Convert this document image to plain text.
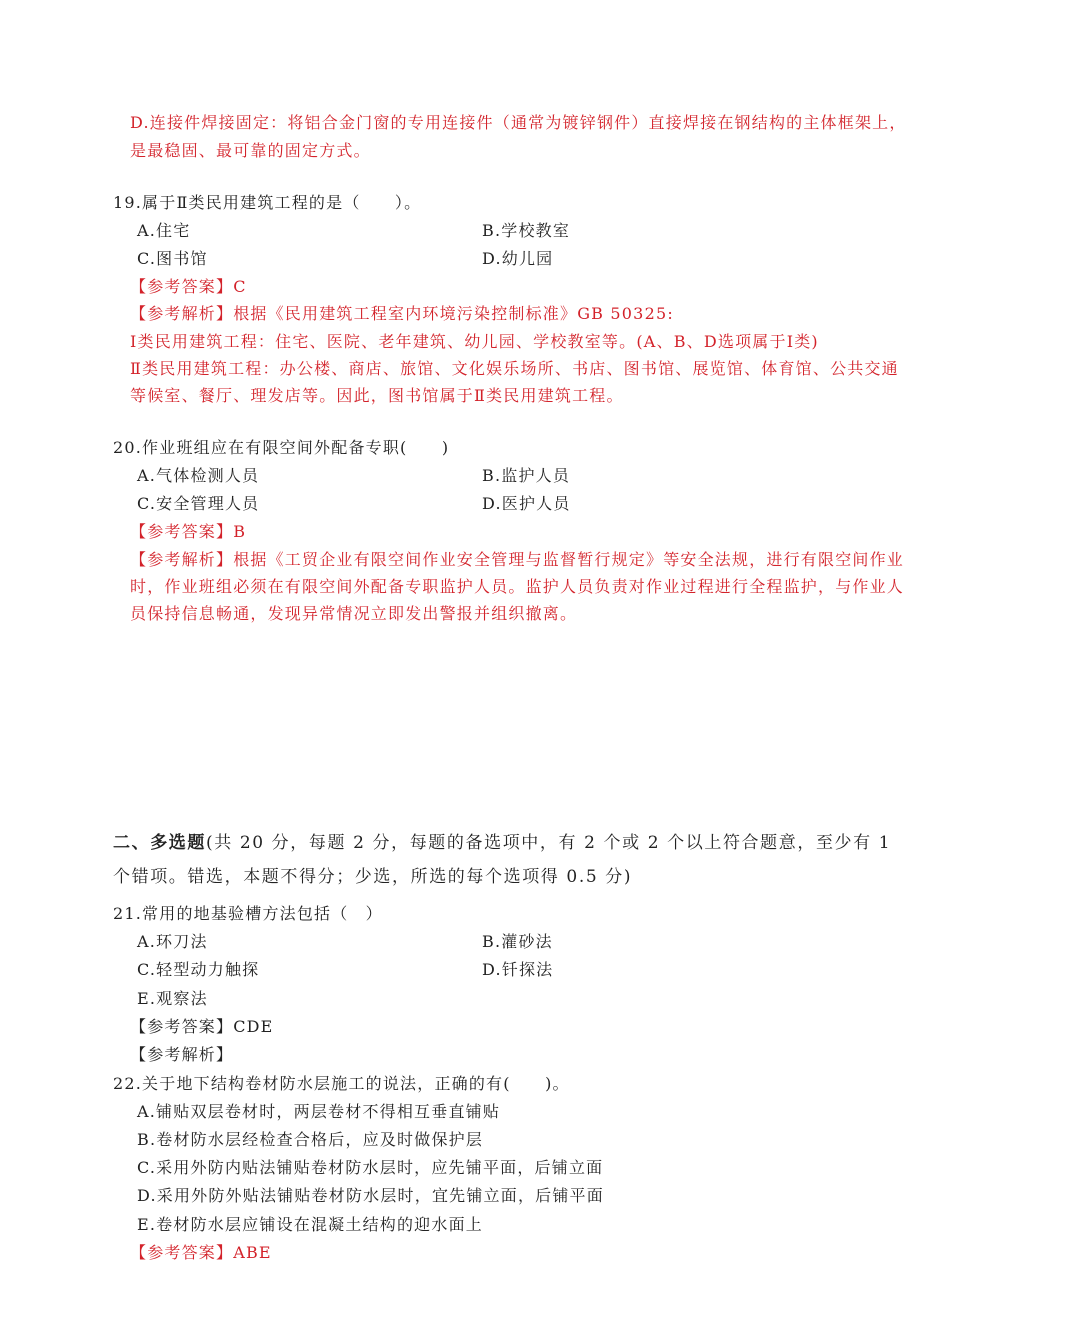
D.连接件焊接固定：将铝合金门窗的专用连接件（通常为镀锌钢件）直接焊接在钢结构的主体框架上，
是最稳固、最可靠的固定方式。
19.属于Ⅱ类民用建筑工程的是（　　）。
A.住宅	B.学校教室
C.图书馆	D.幼儿园
【参考答案】C
【参考解析】根据《民用建筑工程室内环境污染控制标准》GB 50325:
Ⅰ类民用建筑工程：住宅、医院、老年建筑、幼儿园、学校教室等。(A、B、D选项属于Ⅰ类)
Ⅱ类民用建筑工程：办公楼、商店、旅馆、文化娱乐场所、书店、图书馆、展览馆、体育馆、公共交通
等候室、餐厅、理发店等。因此，图书馆属于Ⅱ类民用建筑工程。
20.作业班组应在有限空间外配备专职(　　)
A.气体检测人员	B.监护人员
C.安全管理人员	D.医护人员
【参考答案】B
【参考解析】根据《工贸企业有限空间作业安全管理与监督暂行规定》等安全法规，进行有限空间作业
时，作业班组必须在有限空间外配备专职监护人员。监护人员负责对作业过程进行全程监护，与作业人
员保持信息畅通，发现异常情况立即发出警报并组织撤离。
二、多选题(共 20 分，每题 2 分，每题的备选项中，有 2 个或 2 个以上符合题意，至少有 1
个错项。错选，本题不得分；少选，所选的每个选项得 0.5 分)
21.常用的地基验槽方法包括（　）
A.环刀法	B.灌砂法
C.轻型动力触探	D.钎探法
E.观察法
【参考答案】CDE
【参考解析】
22.关于地下结构卷材防水层施工的说法，正确的有(　　)。
A.铺贴双层卷材时，两层卷材不得相互垂直铺贴
B.卷材防水层经检查合格后，应及时做保护层
C.采用外防内贴法铺贴卷材防水层时，应先铺平面，后铺立面
D.采用外防外贴法铺贴卷材防水层时，宜先铺立面，后铺平面
E.卷材防水层应铺设在混凝土结构的迎水面上
【参考答案】ABE
